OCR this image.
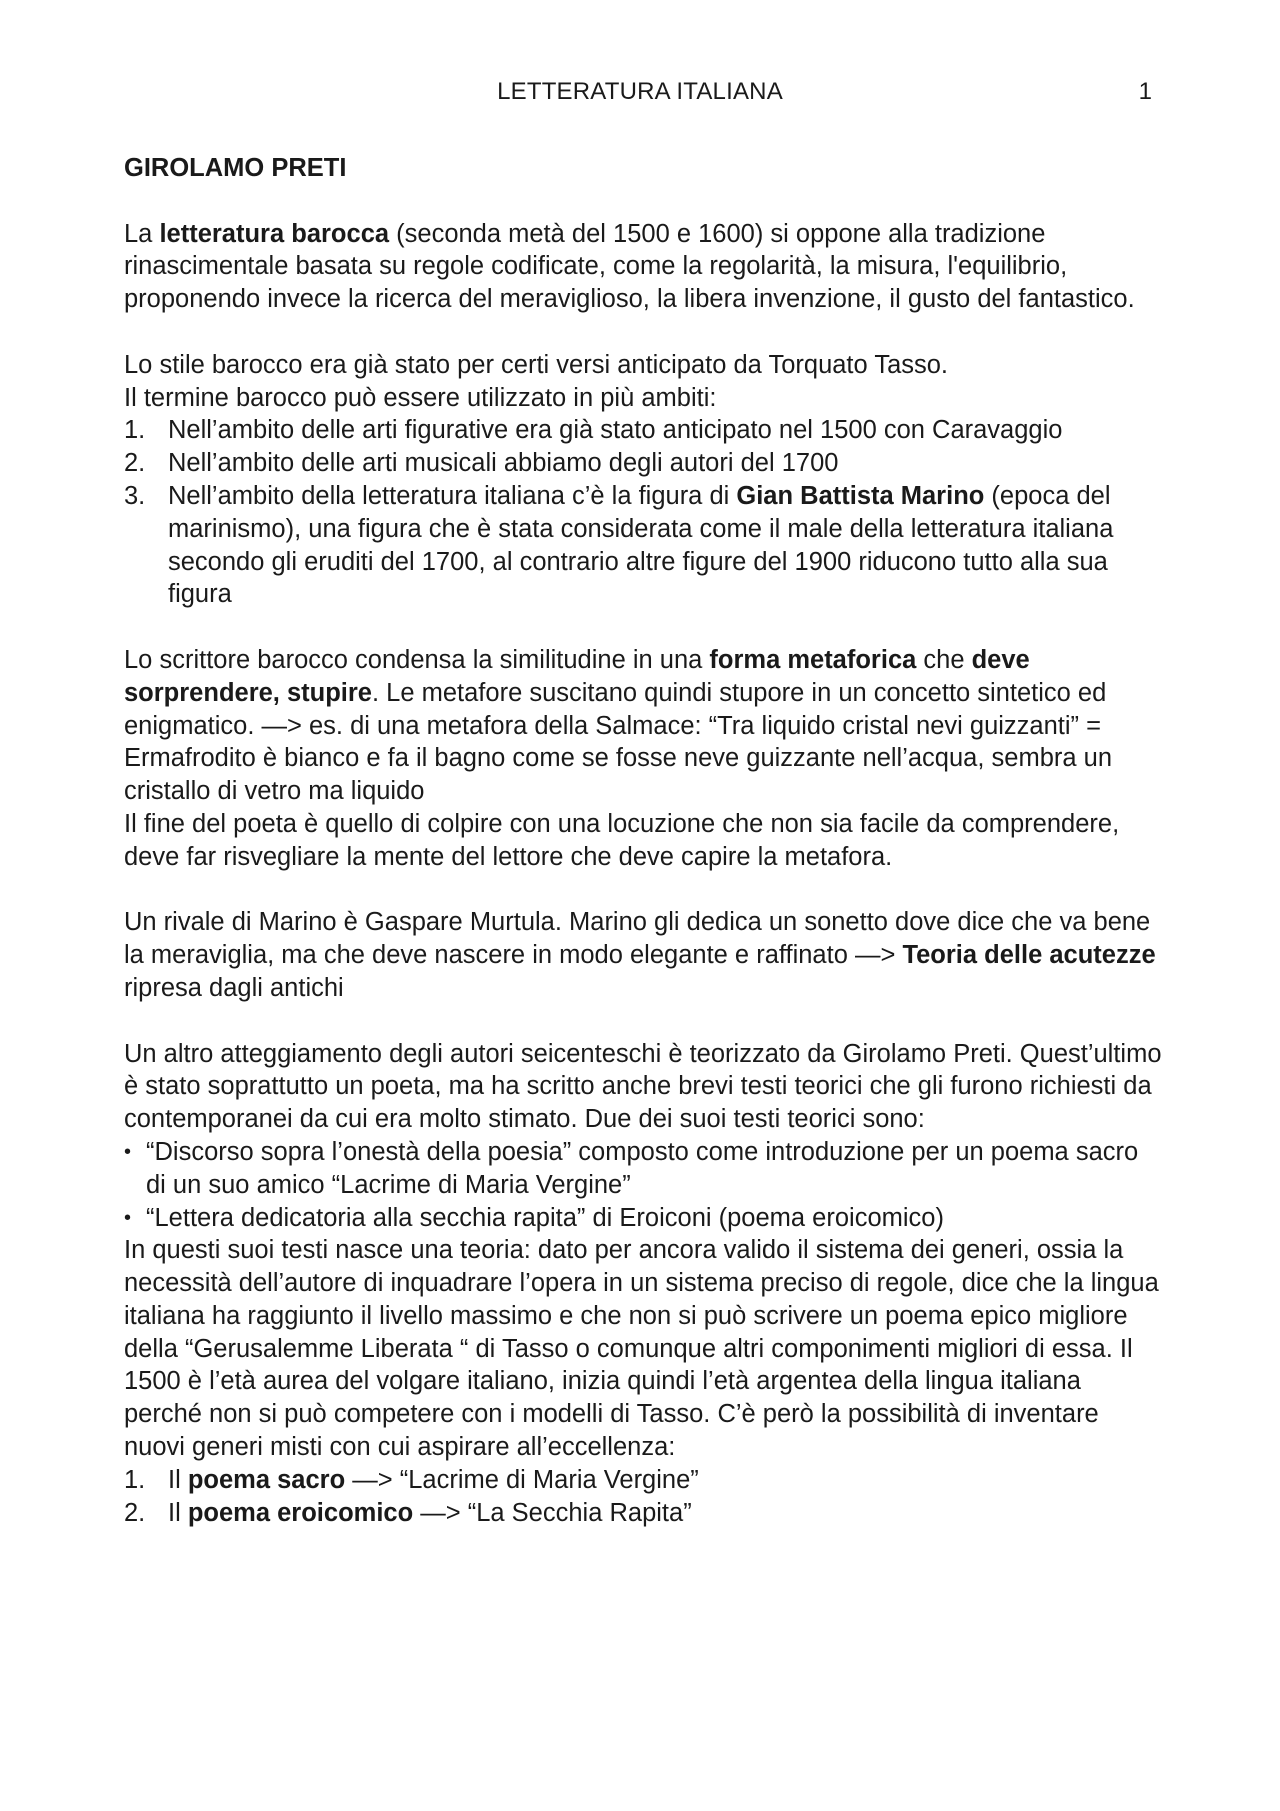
LETTERATURA ITALIANA	1

GIROLAMO PRETI

La letteratura barocca (seconda metà del 1500 e 1600) si oppone alla tradizione rinascimentale basata su regole codificate, come la regolarità, la misura, l'equilibrio, proponendo invece la ricerca del meraviglioso, la libera invenzione, il gusto del fantastico.

Lo stile barocco era già stato per certi versi anticipato da Torquato Tasso.

Il termine barocco può essere utilizzato in più ambiti:

1. Nell’ambito delle arti figurative era già stato anticipato nel 1500 con Caravaggio
2. Nell’ambito delle arti musicali abbiamo degli autori del 1700
3. Nell’ambito della letteratura italiana c’è la figura di Gian Battista Marino (epoca del marinismo), una figura che è stata considerata come il male della letteratura italiana secondo gli eruditi del 1700, al contrario altre figure del 1900 riducono tutto alla sua figura

Lo scrittore barocco condensa la similitudine in una forma metaforica che deve sorprendere, stupire. Le metafore suscitano quindi stupore in un concetto sintetico ed enigmatico. —> es. di una metafora della Salmace: “Tra liquido cristal nevi guizzanti” = Ermafrodito è bianco e fa il bagno come se fosse neve guizzante nell’acqua, sembra un cristallo di vetro ma liquido

Il fine del poeta è quello di colpire con una locuzione che non sia facile da comprendere, deve far risvegliare la mente del lettore che deve capire la metafora.

Un rivale di Marino è Gaspare Murtula. Marino gli dedica un sonetto dove dice che va bene la meraviglia, ma che deve nascere in modo elegante e raffinato —> Teoria delle acutezze ripresa dagli antichi

Un altro atteggiamento degli autori seicenteschi è teorizzato da Girolamo Preti. Quest’ultimo è stato soprattutto un poeta, ma ha scritto anche brevi testi teorici che gli furono richiesti da contemporanei da cui era molto stimato. Due dei suoi testi teorici sono:

• “Discorso sopra l’onestà della poesia” composto come introduzione per un poema sacro di un suo amico “Lacrime di Maria Vergine”
• “Lettera dedicatoria alla secchia rapita” di Eroiconi (poema eroicomico)

In questi suoi testi nasce una teoria: dato per ancora valido il sistema dei generi, ossia la necessità dell’autore di inquadrare l’opera in un sistema preciso di regole, dice che la lingua italiana ha raggiunto il livello massimo e che non si può scrivere un poema epico migliore della “Gerusalemme Liberata “ di Tasso o comunque altri componimenti migliori di essa. Il 1500 è l’età aurea del volgare italiano, inizia quindi l’età argentea della lingua italiana perché non si può competere con i modelli di Tasso. C’è però la possibilità di inventare nuovi generi misti con cui aspirare all’eccellenza:

1. Il poema sacro —> “Lacrime di Maria Vergine”
2. Il poema eroicomico —> “La Secchia Rapita”
